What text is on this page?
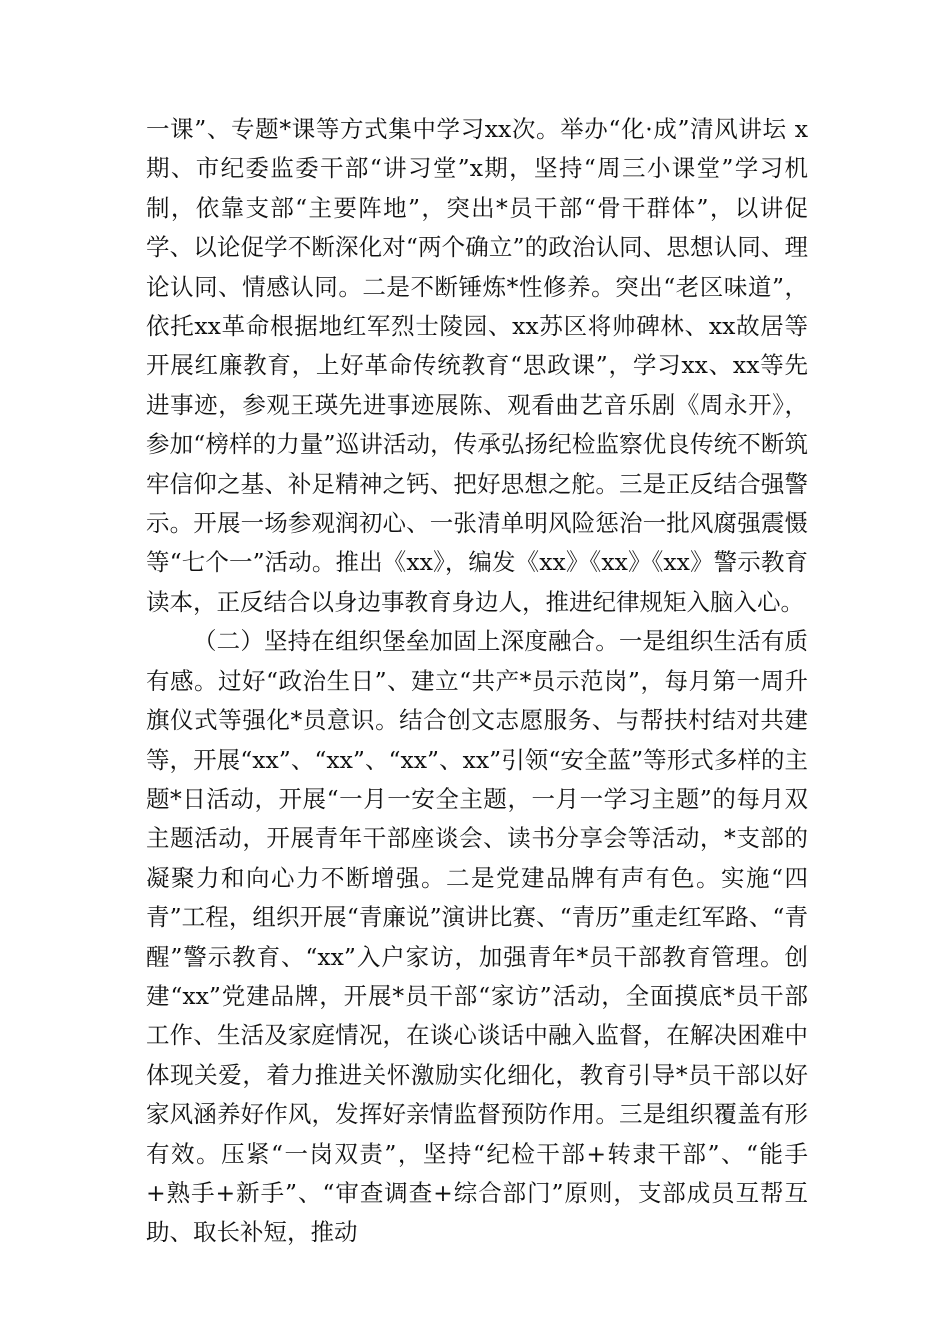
一课”、专题*课等方式集中学习xx次。举办“化·成”清风讲坛 x期、市纪委监委干部“讲习堂”x期，坚持“周三小课堂”学习机制，依靠支部“主要阵地”，突出*员干部“骨干群体”，以讲促学、以论促学不断深化对“两个确立”的政治认同、思想认同、理论认同、情感认同。二是不断锤炼*性修养。突出“老区味道”，依托xx革命根据地红军烈士陵园、xx苏区将帅碑林、xx故居等开展红廉教育，上好革命传统教育“思政课”，学习xx、xx等先进事迹，参观王瑛先进事迹展陈、观看曲艺音乐剧《周永开》，参加“榜样的力量”巡讲活动，传承弘扬纪检监察优良传统不断筑牢信仰之基、补足精神之钙、把好思想之舵。三是正反结合强警示。开展一场参观润初心、一张清单明风险惩治一批风腐强震慑等“七个一”活动。推出《xx》，编发《xx》《xx》《xx》警示教育读本，正反结合以身边事教育身边人，推进纪律规矩入脑入心。

（二）坚持在组织堡垒加固上深度融合。一是组织生活有质有感。过好“政治生日”、建立“共产*员示范岗”，每月第一周升旗仪式等强化*员意识。结合创文志愿服务、与帮扶村结对共建等，开展“xx”、“xx”、“xx”、xx”引领“安全蓝”等形式多样的主题*日活动，开展“一月一安全主题，一月一学习主题”的每月双主题活动，开展青年干部座谈会、读书分享会等活动，*支部的凝聚力和向心力不断增强。二是党建品牌有声有色。实施“四青”工程，组织开展“青廉说”演讲比赛、“青历”重走红军路、“青醒”警示教育、“xx”入户家访，加强青年*员干部教育管理。创建“xx”党建品牌，开展*员干部“家访”活动，全面摸底*员干部工作、生活及家庭情况，在谈心谈话中融入监督，在解决困难中体现关爱，着力推进关怀激励实化细化，教育引导*员干部以好家风涵养好作风，发挥好亲情监督预防作用。三是组织覆盖有形有效。压紧“一岗双责”，坚持“纪检干部+转隶干部”、“能手+熟手+新手”、“审查调查+综合部门”原则，支部成员互帮互助、取长补短，推动
